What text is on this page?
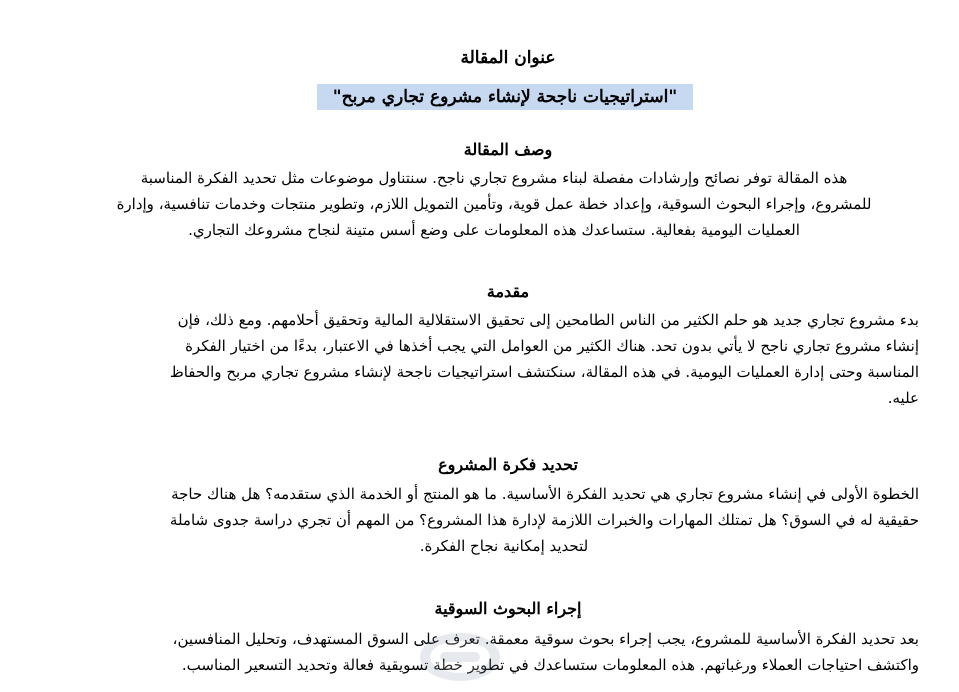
عنوان المقالة
"استراتيجيات ناجحة لإنشاء مشروع تجاري مربح"
وصف المقالة
هذه المقالة توفر نصائح وإرشادات مفصلة لبناء مشروع تجاري ناجح. سنتناول موضوعات مثل تحديد الفكرة المناسبة
للمشروع، وإجراء البحوث السوقية، وإعداد خطة عمل قوية، وتأمين التمويل اللازم، وتطوير منتجات وخدمات تنافسية، وإدارة
العمليات اليومية بفعالية. ستساعدك هذه المعلومات على وضع أسس متينة لنجاح مشروعك التجاري.
مقدمة
بدء مشروع تجاري جديد هو حلم الكثير من الناس الطامحين إلى تحقيق الاستقلالية المالية وتحقيق أحلامهم. ومع ذلك، فإن
إنشاء مشروع تجاري ناجح لا يأتي بدون تحد. هناك الكثير من العوامل التي يجب أخذها في الاعتبار، بدءًا من اختيار الفكرة
المناسبة وحتى إدارة العمليات اليومية. في هذه المقالة، سنكتشف استراتيجيات ناجحة لإنشاء مشروع تجاري مربح والحفاظ
عليه.
تحديد فكرة المشروع
الخطوة الأولى في إنشاء مشروع تجاري هي تحديد الفكرة الأساسية. ما هو المنتج أو الخدمة الذي ستقدمه؟ هل هناك حاجة
حقيقية له في السوق؟ هل تمتلك المهارات والخبرات اللازمة لإدارة هذا المشروع؟ من المهم أن تجري دراسة جدوى شاملة
لتحديد إمكانية نجاح الفكرة.
إجراء البحوث السوقية
بعد تحديد الفكرة الأساسية للمشروع، يجب إجراء بحوث سوقية معمقة. تعرف على السوق المستهدف، وتحليل المنافسين،
واكتشف احتياجات العملاء ورغباتهم. هذه المعلومات ستساعدك في تطوير خطة تسويقية فعالة وتحديد التسعير المناسب.
